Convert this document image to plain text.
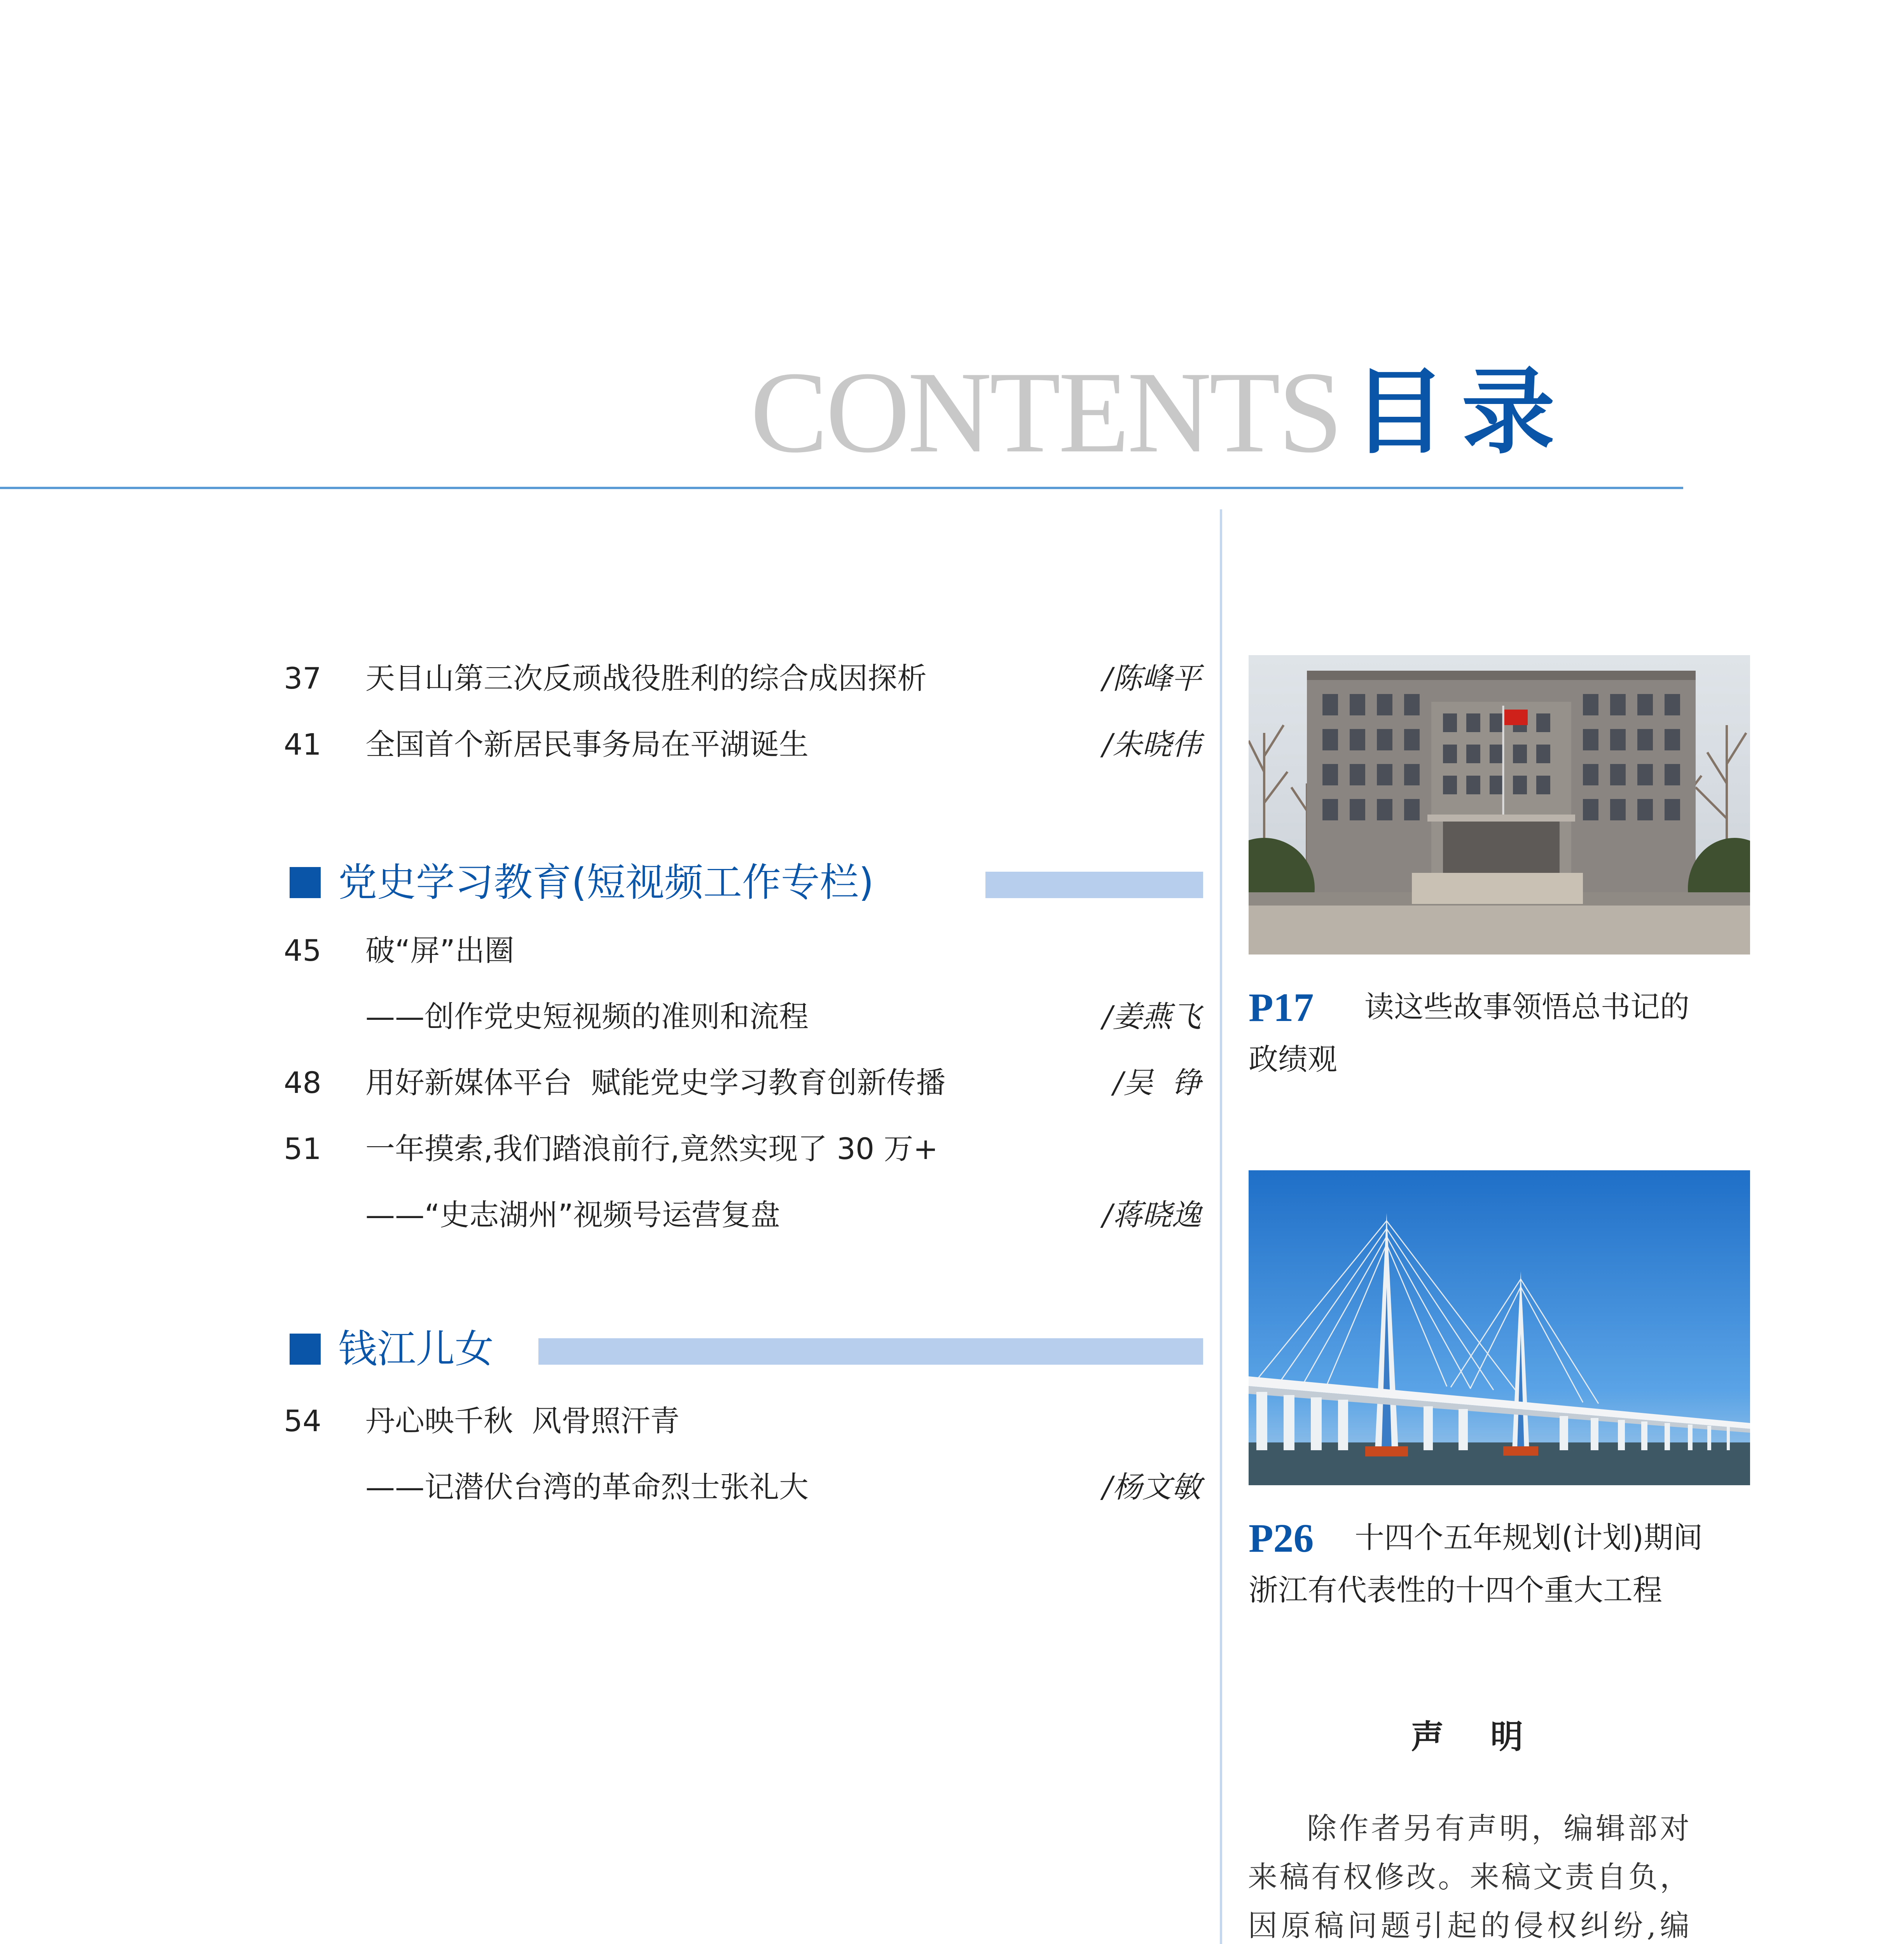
CONTENTS 目录
37	天目山第三次反顽战役胜利的综合成因探析	/陈峰平
41	全国首个新居民事务局在平湖诞生	/朱晓伟
党史学习教育(短视频工作专栏)
45	破“屏”出圈
——创作党史短视频的准则和流程	/姜燕飞
48	用好新媒体平台  赋能党史学习教育创新传播	/吴  铮
51	一年摸索,我们踏浪前行,竟然实现了 30 万+
——“史志湖州”视频号运营复盘	/蒋晓逸
钱江儿女
54	丹心映千秋  风骨照汗青
——记潜伏台湾的革命烈士张礼大	/杨文敏
P17 读这些故事领悟总书记的
政绩观
P26 十四个五年规划(计划)期间
浙江有代表性的十四个重大工程
声明
除作者另有声明，编辑部对来稿有权修改。来稿文责自负，因原稿问题引起的侵权纠纷,编
